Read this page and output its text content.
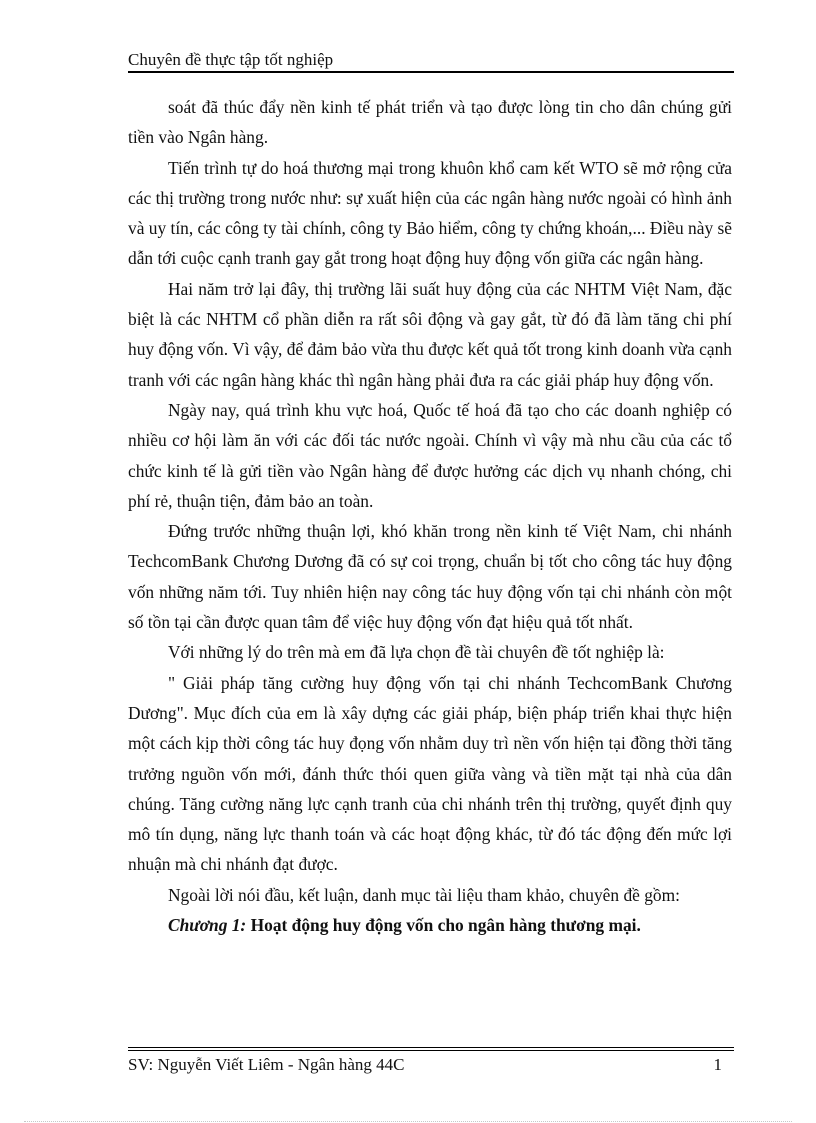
Chuyên đề thực tập tốt nghiệp

soát đã thúc đẩy nền kinh tế phát triển và tạo được lòng tin cho dân chúng gửi tiền vào Ngân hàng.

Tiến trình tự do hoá thương mại trong khuôn khổ cam kết WTO sẽ mở rộng cửa các thị trường trong nước như: sự xuất hiện của các ngân hàng nước ngoài có hình ảnh và uy tín, các công ty tài chính, công ty Bảo hiểm, công ty chứng khoán,... Điều này sẽ dẫn tới cuộc cạnh tranh gay gắt trong hoạt động huy động vốn giữa các ngân hàng.

Hai năm trở lại đây, thị trường lãi suất huy động của các NHTM Việt Nam, đặc biệt là các NHTM cổ phần diễn ra rất sôi động và gay gắt, từ đó đã làm tăng chi phí huy động vốn. Vì vậy, để đảm bảo vừa thu được kết quả tốt trong kinh doanh vừa cạnh tranh với các ngân hàng khác thì ngân hàng phải đưa ra các giải pháp huy động vốn.

Ngày nay, quá trình khu vực hoá, Quốc tế hoá đã tạo cho các doanh nghiệp có nhiều cơ hội làm ăn với các đối tác nước ngoài. Chính vì vậy mà nhu cầu của các tổ chức kinh tế là gửi tiền vào Ngân hàng để được hưởng các dịch vụ nhanh chóng, chi phí rẻ, thuận tiện, đảm bảo an toàn.

Đứng trước những thuận lợi, khó khăn trong nền kinh tế Việt Nam, chi nhánh TechcomBank Chương Dương đã có sự coi trọng, chuẩn bị tốt cho công tác huy động vốn những năm tới. Tuy nhiên hiện nay công tác huy động vốn tại chi nhánh còn một số tồn tại cần được quan tâm để việc huy động vốn đạt hiệu quả tốt nhất.

Với những lý do trên mà em đã lựa chọn đề tài chuyên đề tốt nghiệp là:

" Giải pháp tăng cường huy động vốn tại chi nhánh TechcomBank Chương Dương". Mục đích của em là xây dựng các giải pháp, biện pháp triển khai thực hiện một cách kịp thời công tác huy đọng vốn nhằm duy trì nền vốn hiện tại đồng thời tăng trưởng nguồn vốn mới, đánh thức thói quen giữa vàng và tiền mặt tại nhà của dân chúng. Tăng cường năng lực cạnh tranh của chi nhánh trên thị trường, quyết định quy mô tín dụng, năng lực thanh toán và các hoạt động khác, từ đó tác động đến mức lợi nhuận mà chi nhánh đạt được.

Ngoài lời nói đầu, kết luận, danh mục tài liệu tham khảo, chuyên đề gồm:

Chương 1: Hoạt động huy động vốn cho ngân hàng thương mại.

SV: Nguyễn Viết Liêm - Ngân hàng 44C	1
